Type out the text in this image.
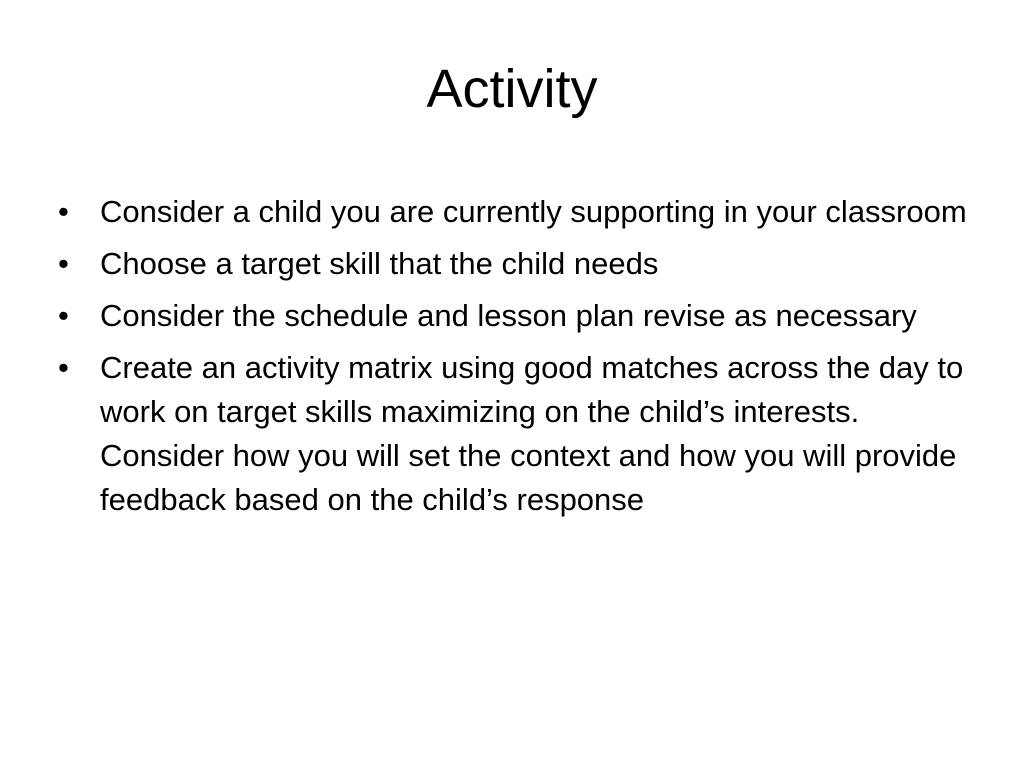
Activity
•	Consider a child you are currently supporting in your classroom
•	Choose a target skill that the child needs
•	Consider the schedule and lesson plan revise as necessary
•	Create an activity matrix using good matches across the day to work on target skills maximizing on the child’s interests. Consider how you will set the context and how you will provide feedback based on the child’s response
